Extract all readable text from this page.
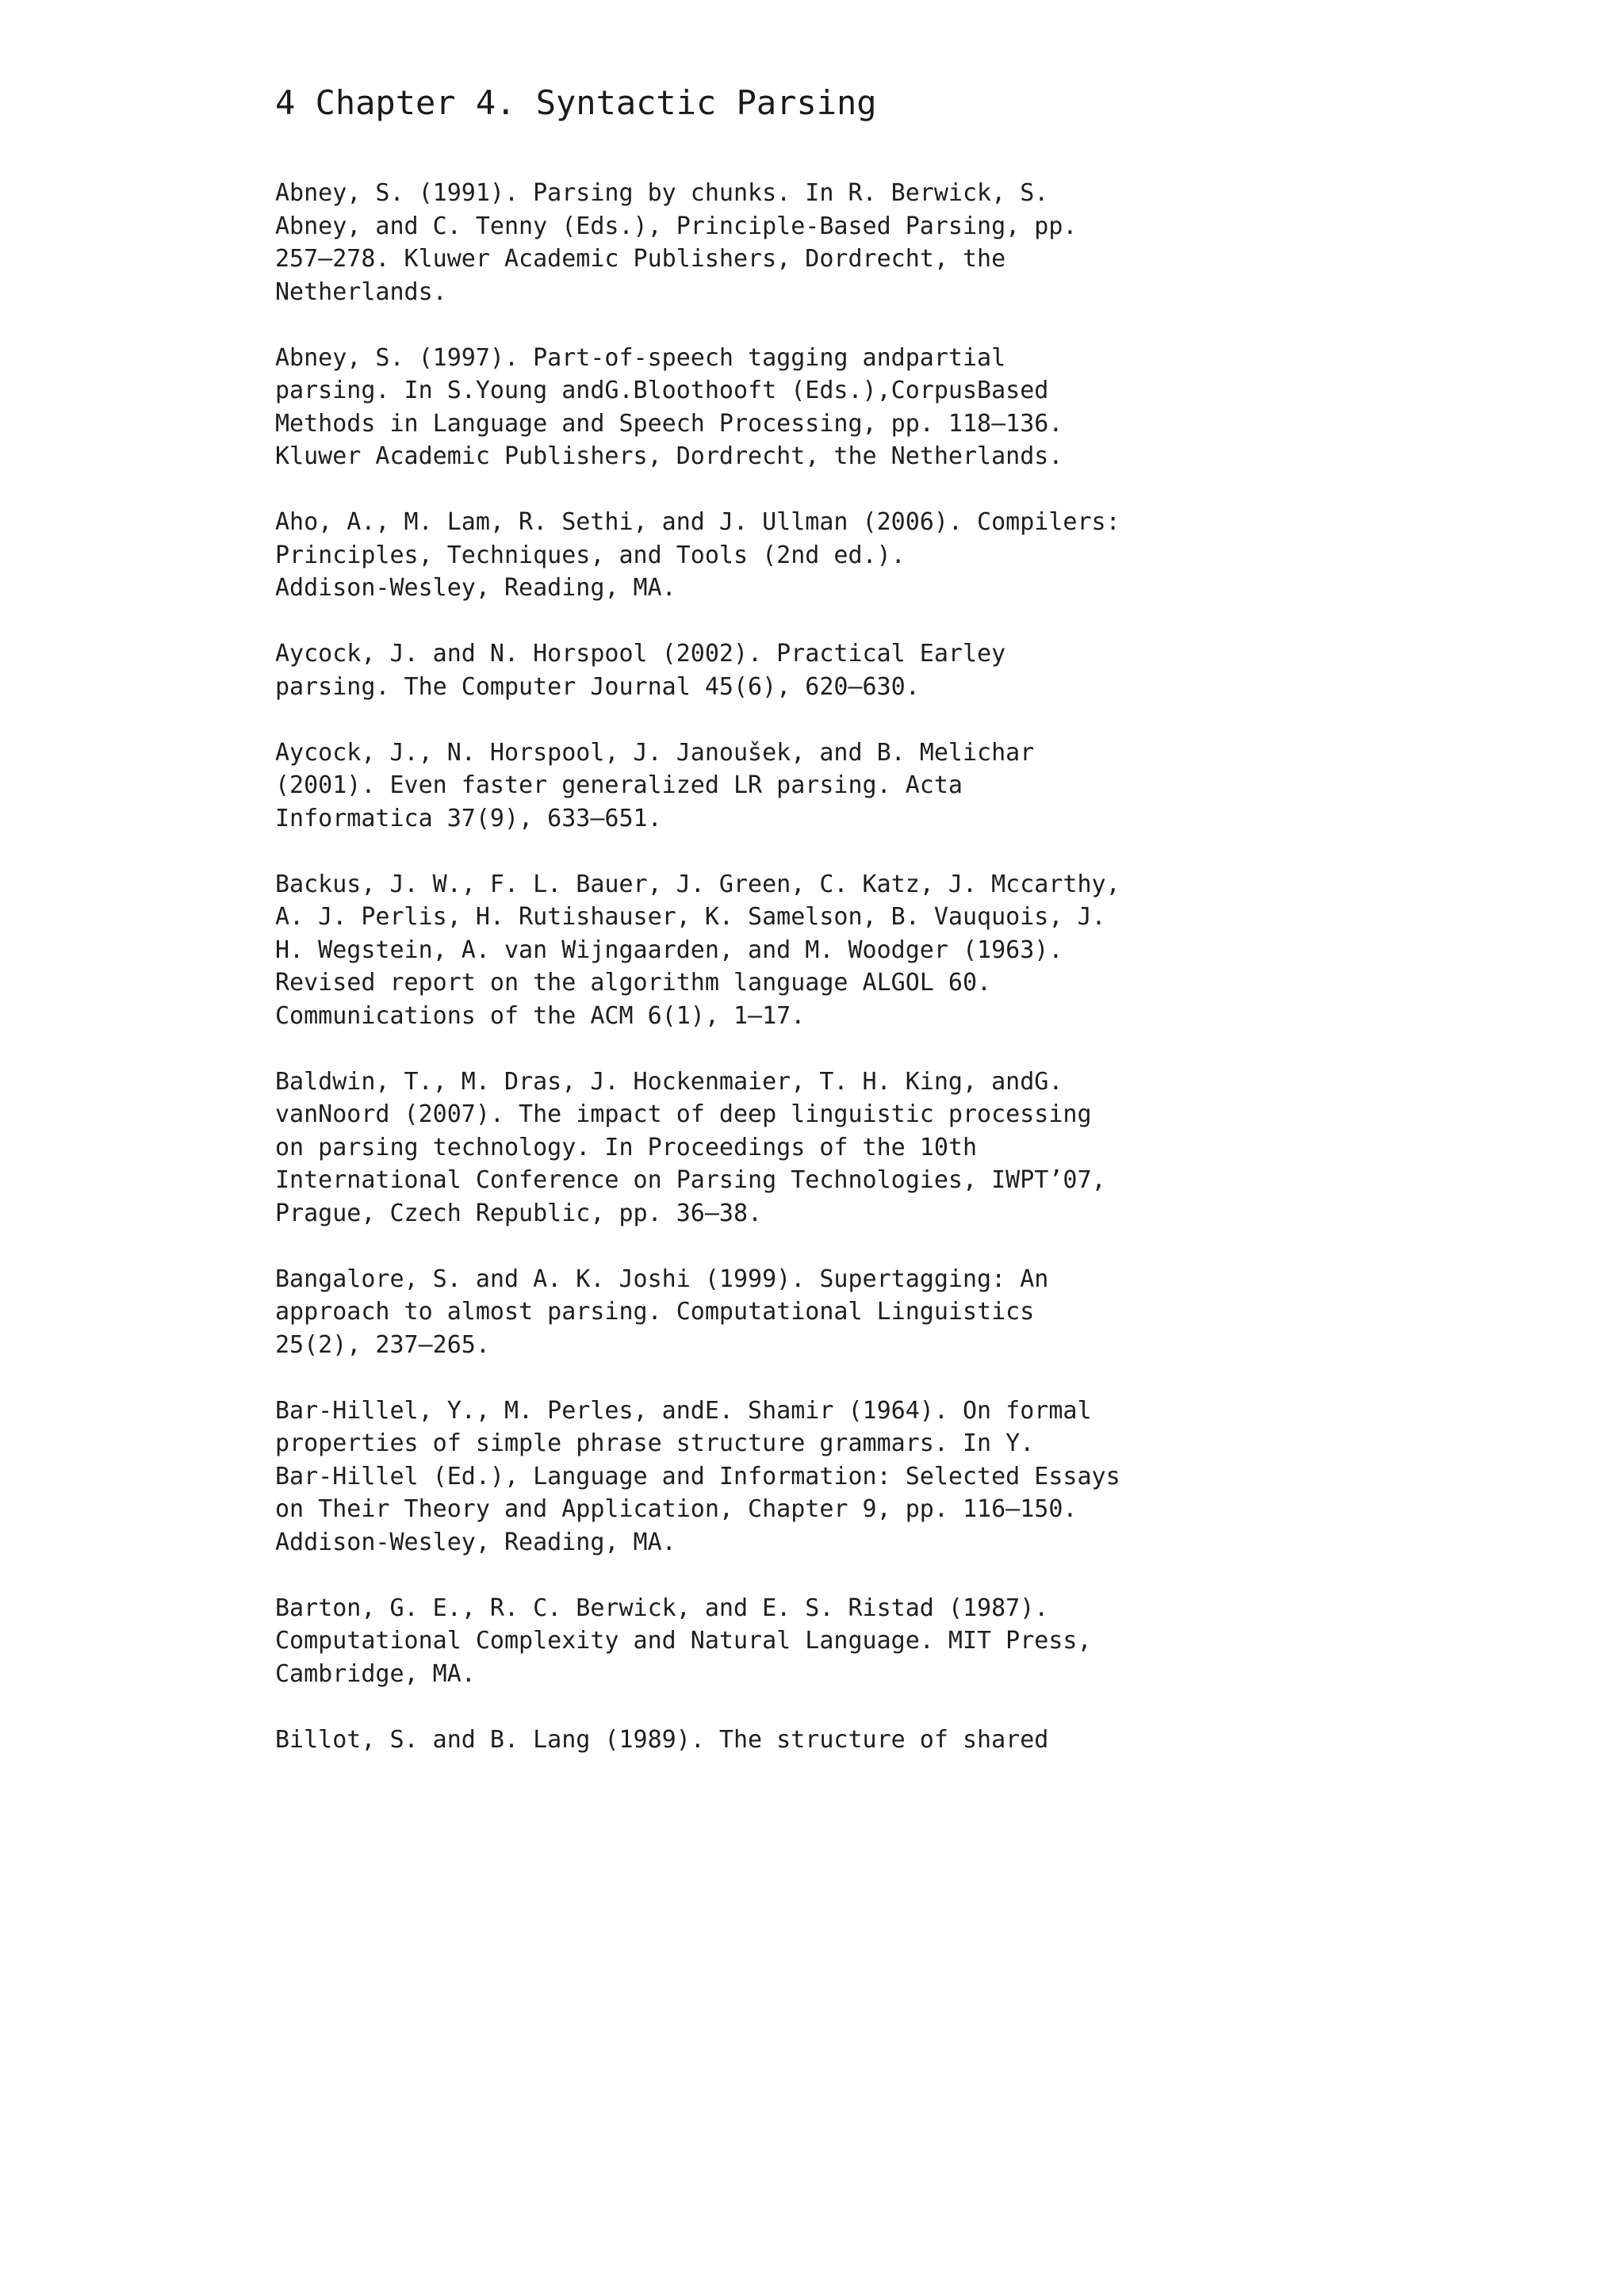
4 Chapter 4. Syntactic Parsing
Abney, S. (1991). Parsing by chunks. In R. Berwick, S.
Abney, and C. Tenny (Eds.), Principle-Based Parsing, pp.
257–278. Kluwer Academic Publishers, Dordrecht, the
Netherlands.
Abney, S. (1997). Part-of-speech tagging andpartial
parsing. In S.Young andG.Bloothooft (Eds.),CorpusBased
Methods in Language and Speech Processing, pp. 118–136.
Kluwer Academic Publishers, Dordrecht, the Netherlands.
Aho, A., M. Lam, R. Sethi, and J. Ullman (2006). Compilers:
Principles, Techniques, and Tools (2nd ed.).
Addison-Wesley, Reading, MA.
Aycock, J. and N. Horspool (2002). Practical Earley
parsing. The Computer Journal 45(6), 620–630.
Aycock, J., N. Horspool, J. Janoušek, and B. Melichar
(2001). Even faster generalized LR parsing. Acta
Informatica 37(9), 633–651.
Backus, J. W., F. L. Bauer, J. Green, C. Katz, J. Mccarthy,
A. J. Perlis, H. Rutishauser, K. Samelson, B. Vauquois, J.
H. Wegstein, A. van Wijngaarden, and M. Woodger (1963).
Revised report on the algorithm language ALGOL 60.
Communications of the ACM 6(1), 1–17.
Baldwin, T., M. Dras, J. Hockenmaier, T. H. King, andG.
vanNoord (2007). The impact of deep linguistic processing
on parsing technology. In Proceedings of the 10th
International Conference on Parsing Technologies, IWPT’07,
Prague, Czech Republic, pp. 36–38.
Bangalore, S. and A. K. Joshi (1999). Supertagging: An
approach to almost parsing. Computational Linguistics
25(2), 237–265.
Bar-Hillel, Y., M. Perles, andE. Shamir (1964). On formal
properties of simple phrase structure grammars. In Y.
Bar-Hillel (Ed.), Language and Information: Selected Essays
on Their Theory and Application, Chapter 9, pp. 116–150.
Addison-Wesley, Reading, MA.
Barton, G. E., R. C. Berwick, and E. S. Ristad (1987).
Computational Complexity and Natural Language. MIT Press,
Cambridge, MA.
Billot, S. and B. Lang (1989). The structure of shared
